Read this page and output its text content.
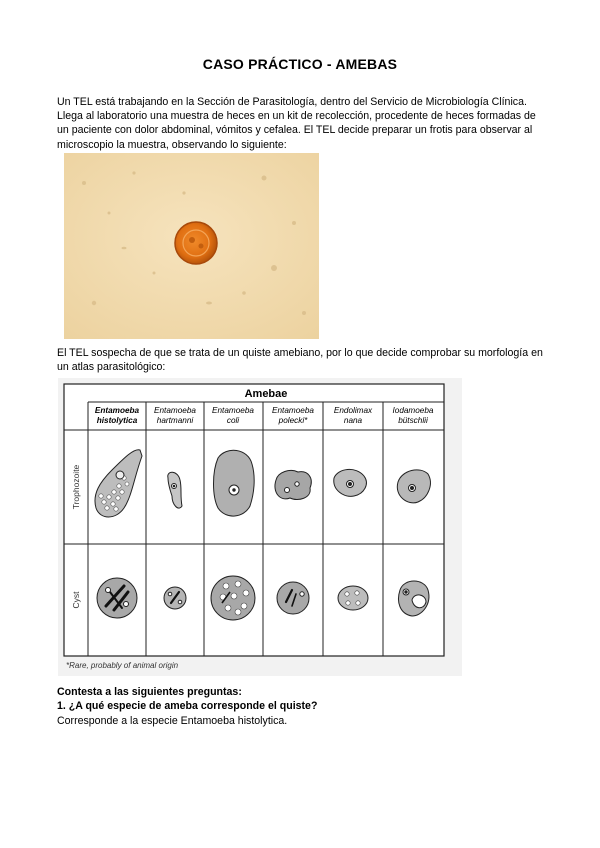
CASO PRÁCTICO - AMEBAS
Un TEL está trabajando en la Sección de Parasitología, dentro del Servicio de Microbiología Clínica. Llega al laboratorio una muestra de heces en un kit de recolección, procedente de heces formadas de un paciente con dolor abdominal, vómitos y cefalea. El TEL decide preparar un frotis para observar al microscopio la muestra, observando lo siguiente:
El TEL sospecha de que se trata de un quiste amebiano, por lo que decide comprobar su morfología en un atlas parasitológico:
Amebae
Entamoeba
histolytica
Entamoeba
hartmanni
Entamoeba
coli
Entamoeba
polecki*
Endolimax
nana
Iodamoeba
bütschlii
Trophozoite
Cyst
*Rare, probably of animal origin
Contesta a las siguientes preguntas:
1. ¿A qué especie de ameba corresponde el quiste?
Corresponde a la especie Entamoeba histolytica.
